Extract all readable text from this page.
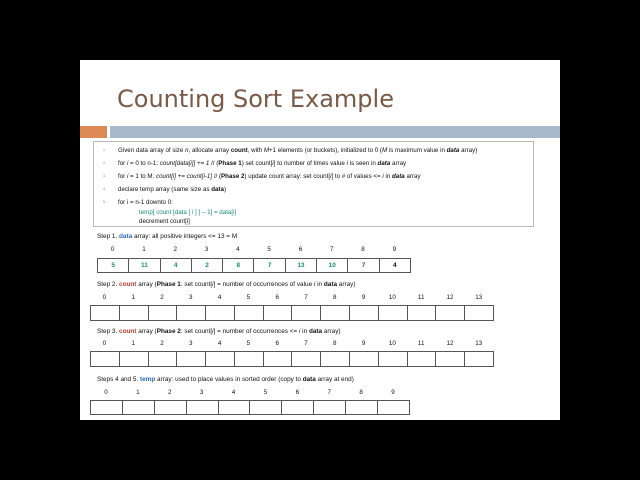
Counting Sort Example
1. Given data array of size n, allocate array count, with M+1 elements (or buckets), initialized to 0 (M is maximum value in data array)
2. for i = 0 to n-1: count[data[i]] += 1 // (Phase 1) set count[i] to number of times value i is seen in data array
3. for i = 1 to M: count[i] += count[i-1] // (Phase 2) update count array: set count[i] to # of values <= i in data array
4. declare temp array (same size as data)
5. for i = n-1 downto 0:
temp[ count [data [ i ] ] – 1] = data[i]
decrement count[i]
Step 1. data array: all positive integers <= 13 = M
0	1	2	3	4	5	6	7	8	9
5	11	4	2	8	7	13	10	7	4
Step 2. count array (Phase 1: set count[i] = number of occurrences of value i in data array)
0	1	2	3	4	5	6	7	8	9	10	11	12	13
Step 3. count array (Phase 2: set count[i] = number of occurrences <= i in data array)
0	1	2	3	4	5	6	7	8	9	10	11	12	13
Steps 4 and 5. temp array: used to place values in sorted order (copy to data array at end)
0	1	2	3	4	5	6	7	8	9
